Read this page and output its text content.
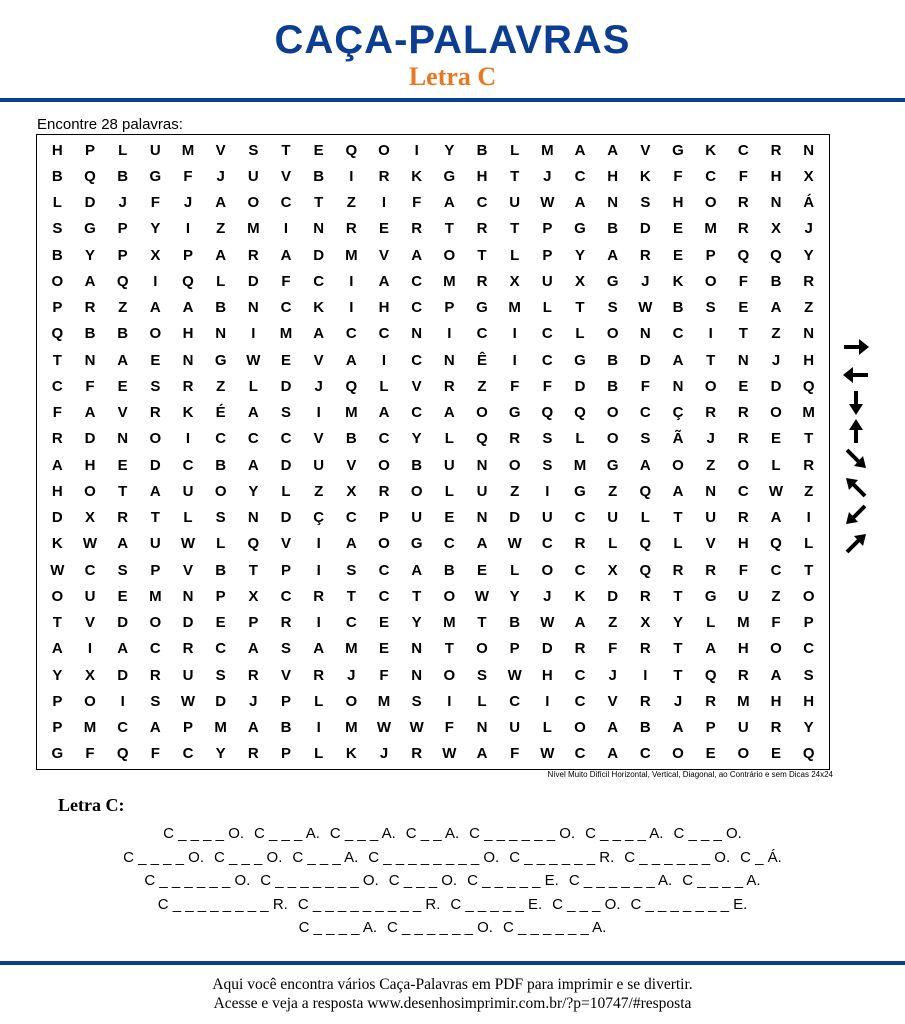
CAÇA-PALAVRAS
Letra C
Encontre 28 palavras:
H	P	L	U	M	V	S	T	E	Q	O	I	Y	B	L	M	A	A	V	G	K	C	R	N
B	Q	B	G	F	J	U	V	B	I	R	K	G	H	T	J	C	H	K	F	C	F	H	X
L	D	J	F	J	A	O	C	T	Z	I	F	A	C	U	W	A	N	S	H	O	R	N	Á
S	G	P	Y	I	Z	M	I	N	R	E	R	T	R	T	P	G	B	D	E	M	R	X	J
B	Y	P	X	P	A	R	A	D	M	V	A	O	T	L	P	Y	A	R	E	P	Q	Q	Y
O	A	Q	I	Q	L	D	F	C	I	A	C	M	R	X	U	X	G	J	K	O	F	B	R
P	R	Z	A	A	B	N	C	K	I	H	C	P	G	M	L	T	S	W	B	S	E	A	Z
Q	B	B	O	H	N	I	M	A	C	C	N	I	C	I	C	L	O	N	C	I	T	Z	N
T	N	A	E	N	G	W	E	V	A	I	C	N	Ê	I	C	G	B	D	A	T	N	J	H
C	F	E	S	R	Z	L	D	J	Q	L	V	R	Z	F	F	D	B	F	N	O	E	D	Q
F	A	V	R	K	É	A	S	I	M	A	C	A	O	G	Q	Q	O	C	Ç	R	R	O	M
R	D	N	O	I	C	C	C	V	B	C	Y	L	Q	R	S	L	O	S	Ã	J	R	E	T
A	H	E	D	C	B	A	D	U	V	O	B	U	N	O	S	M	G	A	O	Z	O	L	R
H	O	T	A	U	O	Y	L	Z	X	R	O	L	U	Z	I	G	Z	Q	A	N	C	W	Z
D	X	R	T	L	S	N	D	Ç	C	P	U	E	N	D	U	C	U	L	T	U	R	A	I
K	W	A	U	W	L	Q	V	I	A	O	G	C	A	W	C	R	L	Q	L	V	H	Q	L
W	C	S	P	V	B	T	P	I	S	C	A	B	E	L	O	C	X	Q	R	R	F	C	T
O	U	E	M	N	P	X	C	R	T	C	T	O	W	Y	J	K	D	R	T	G	U	Z	O
T	V	D	O	D	E	P	R	I	C	E	Y	M	T	B	W	A	Z	X	Y	L	M	F	P
A	I	A	C	R	C	A	S	A	M	E	N	T	O	P	D	R	F	R	T	A	H	O	C
Y	X	D	R	U	S	R	V	R	J	F	N	O	S	W	H	C	J	I	T	Q	R	A	S
P	O	I	S	W	D	J	P	L	O	M	S	I	L	C	I	C	V	R	J	R	M	H	H
P	M	C	A	P	M	A	B	I	M	W	W	F	N	U	L	O	A	B	A	P	U	R	Y
G	F	Q	F	C	Y	R	P	L	K	J	R	W	A	F	W	C	A	C	O	E	O	E	Q
Nível Muito Difícil Horizontal, Vertical, Diagonal, ao Contrário e sem Dicas 24x24
Letra C:
C _ _ _ _ O. C _ _ _ A. C _ _ _ A. C _ _ A. C _ _ _ _ _ _ O. C _ _ _ _ A. C _ _ _ O.
C _ _ _ _ O. C _ _ _ O. C _ _ _ A. C _ _ _ _ _ _ _ _ O. C _ _ _ _ _ _ R. C _ _ _ _ _ _ O. C _ Á.
C _ _ _ _ _ _ O. C _ _ _ _ _ _ _ O. C _ _ _ O. C _ _ _ _ _ E. C _ _ _ _ _ _ A. C _ _ _ _ A.
C _ _ _ _ _ _ _ _ R. C _ _ _ _ _ _ _ _ _ R. C _ _ _ _ _ E. C _ _ _ O. C _ _ _ _ _ _ _ E.
C _ _ _ _ A. C _ _ _ _ _ _ O. C _ _ _ _ _ _ A.
Aqui você encontra vários Caça-Palavras em PDF para imprimir e se divertir.
Acesse e veja a resposta www.desenhosimprimir.com.br/?p=10747/#resposta
